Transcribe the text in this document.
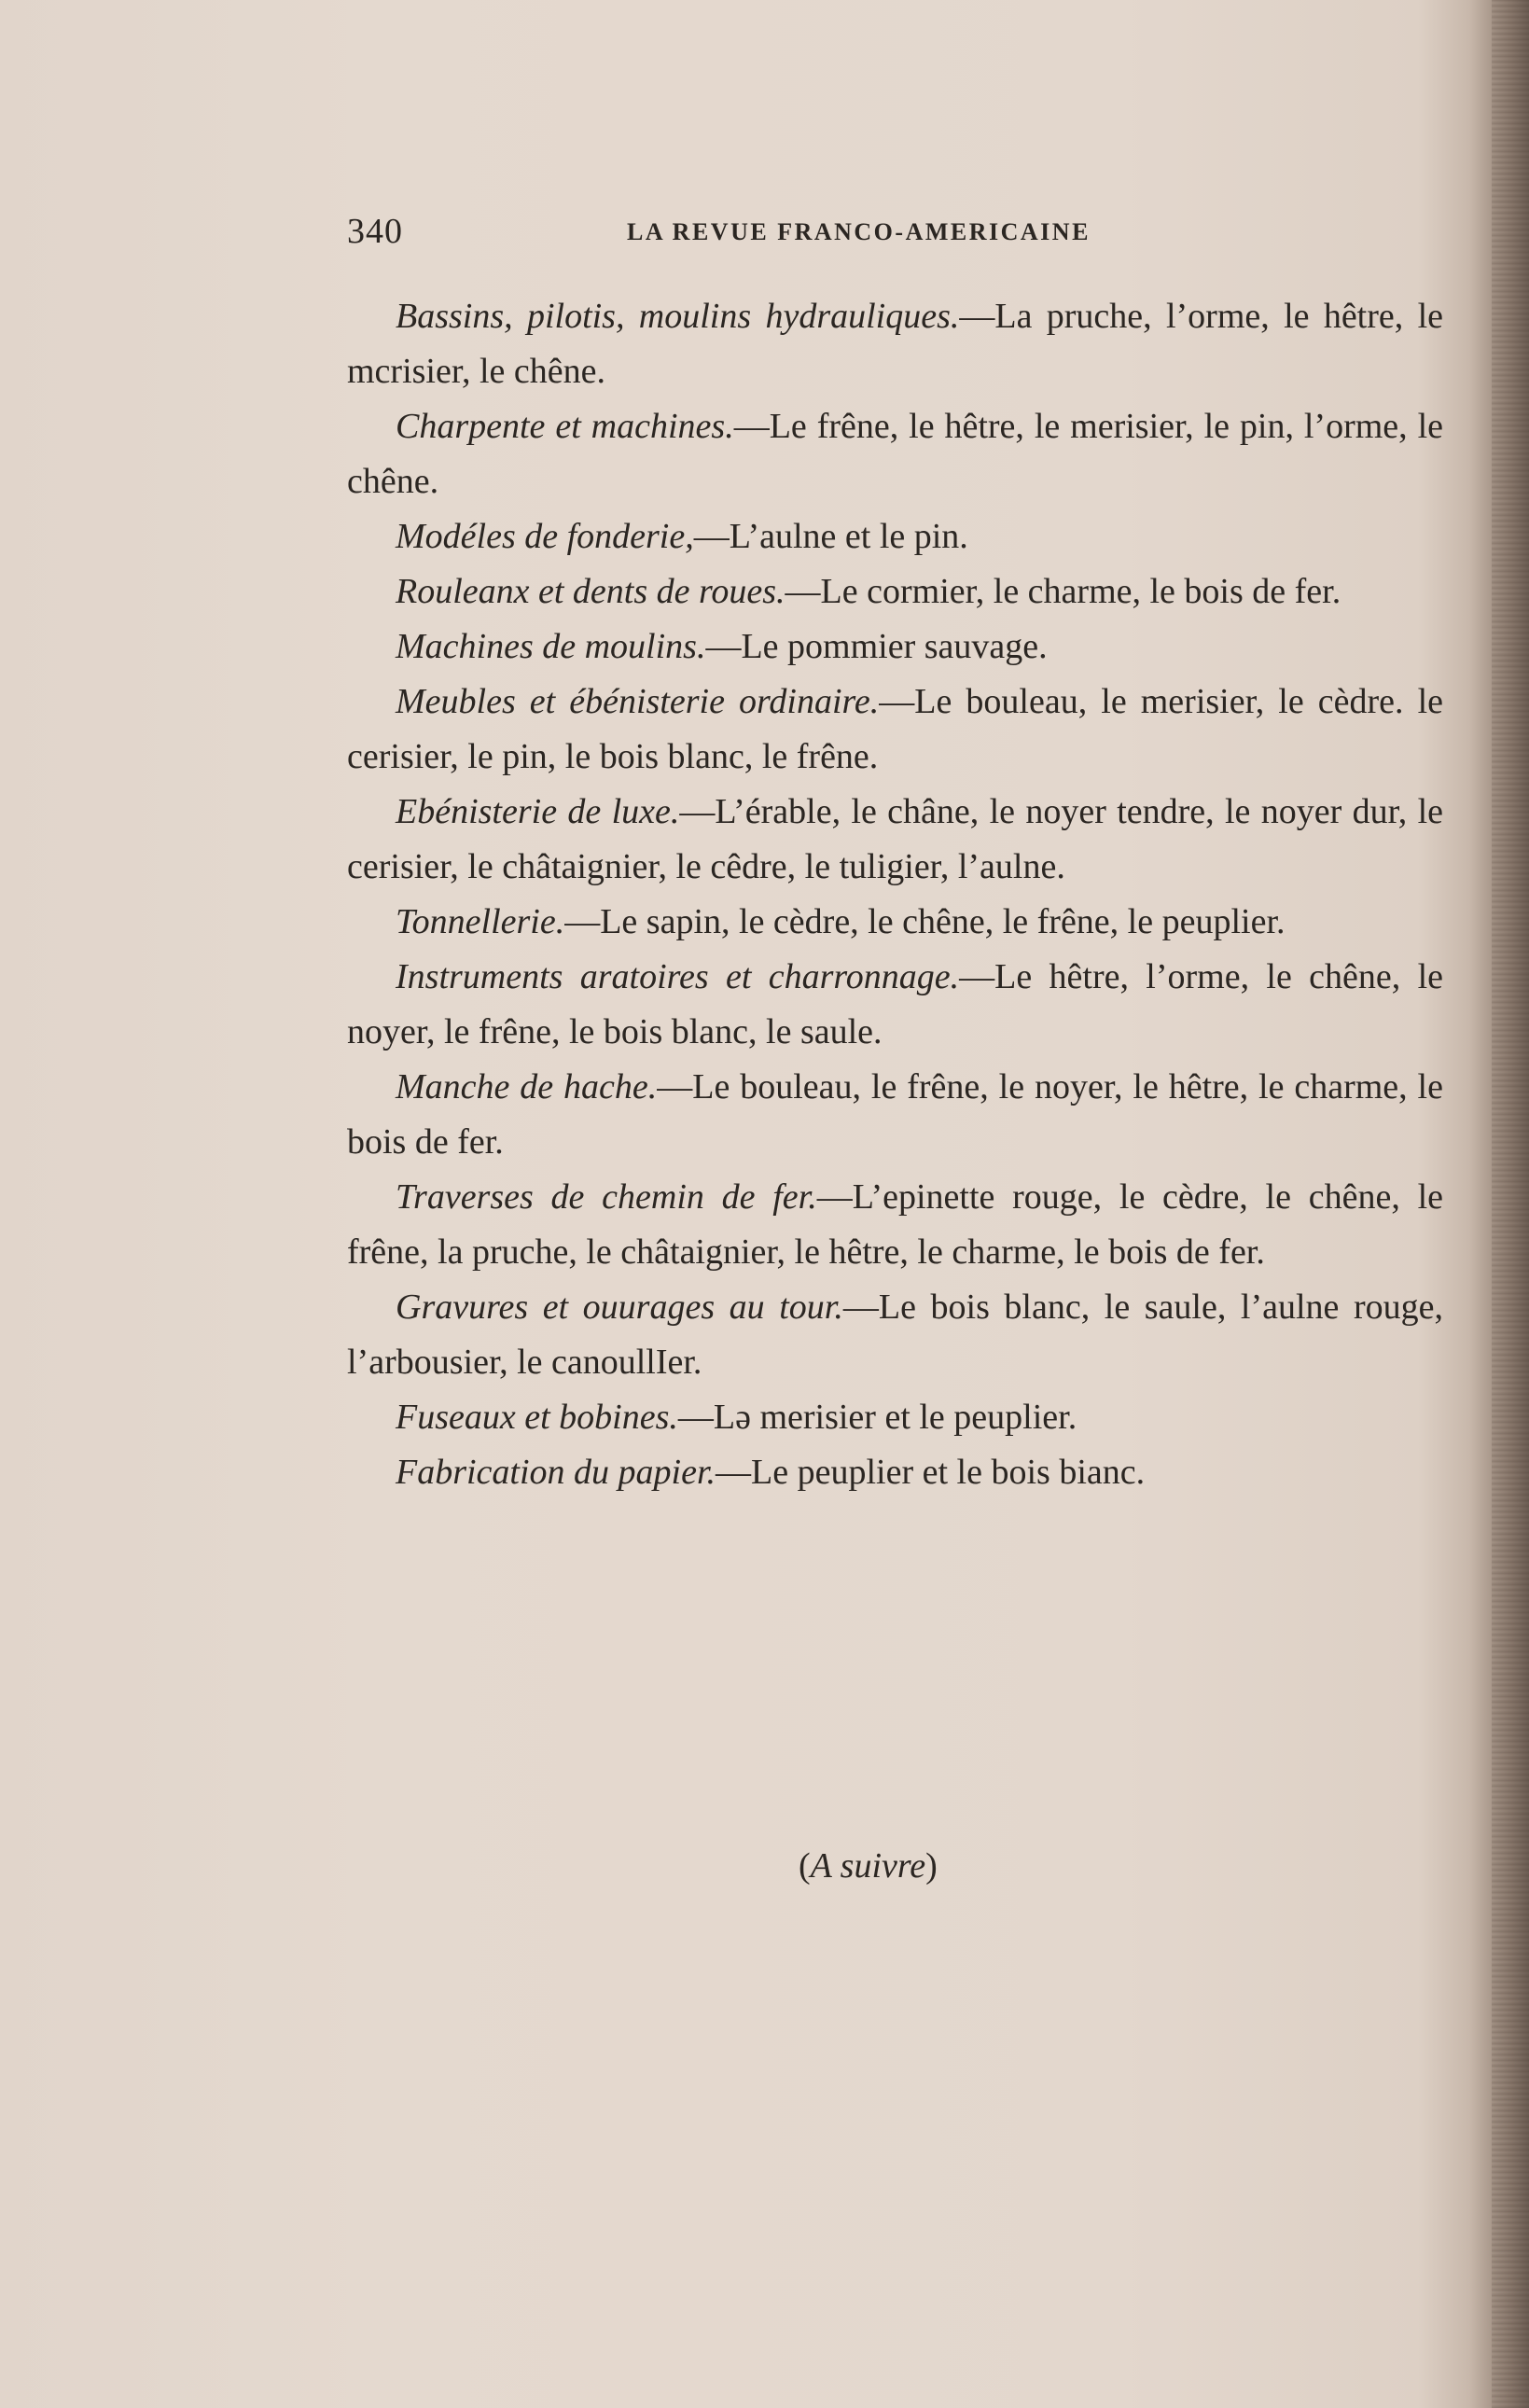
340	LA REVUE FRANCO-AMERICAINE

Bassins, pilotis, moulins hydrauliques.—La pruche, l’orme, le hêtre, le mcrisier, le chêne.

Charpente et machines.—Le frêne, le hêtre, le merisier, le pin, l’orme, le chêne.

Modéles de fonderie,—L’aulne et le pin.

Rouleanx et dents de roues.—Le cormier, le charme, le bois de fer.

Machines de moulins.—Le pommier sauvage.

Meubles et ébénisterie ordinaire.—Le bouleau, le merisier, le cèdre. le cerisier, le pin, le bois blanc, le frêne.

Ebénisterie de luxe.—L’érable, le châne, le noyer tendre, le noyer dur, le cerisier, le châtaignier, le cêdre, le tuligier, l’aulne.

Tonnellerie.—Le sapin, le cèdre, le chêne, le frêne, le peuplier.

Instruments aratoires et charronnage.—Le hêtre, l’orme, le chêne, le noyer, le frêne, le bois blanc, le saule.

Manche de hache.—Le bouleau, le frêne, le noyer, le hêtre, le charme, le bois de fer.

Traverses de chemin de fer.—L’epinette rouge, le cèdre, le chêne, le frêne, la pruche, le châtaignier, le hêtre, le charme, le bois de fer.

Gravures et ouurages au tour.—Le bois blanc, le saule, l’aulne rouge, l’arbousier, le canoullIer.

Fuseaux et bobines.—Lə merisier et le peuplier.

Fabrication du papier.—Le peuplier et le bois bianc.

(A suivre)
